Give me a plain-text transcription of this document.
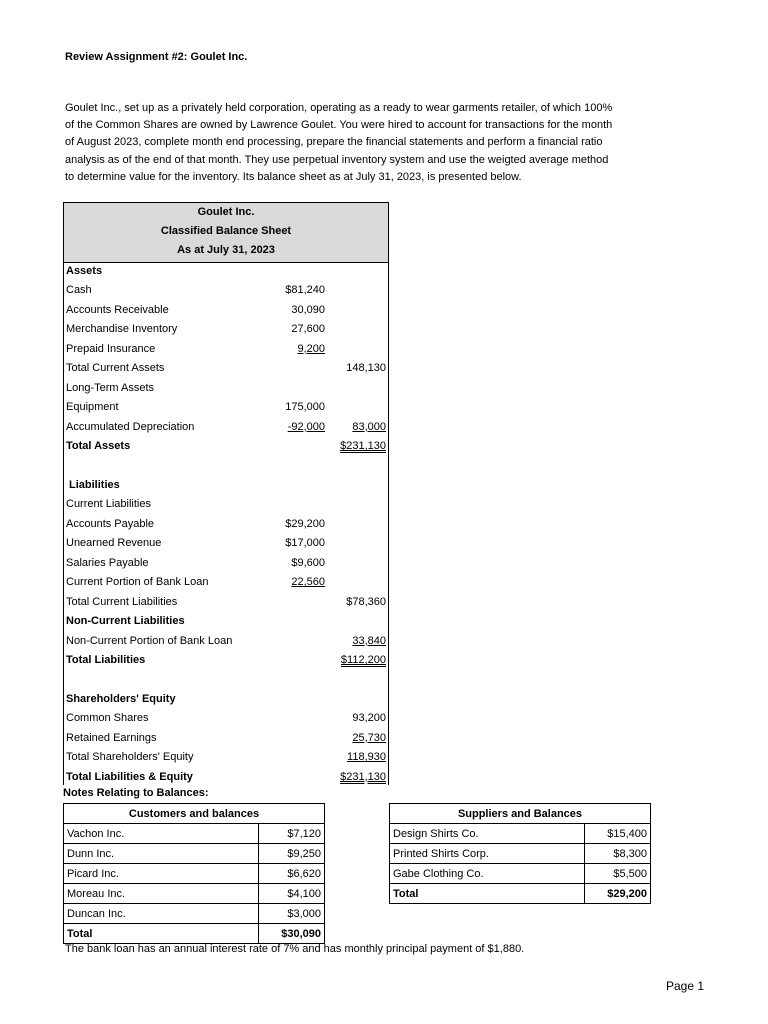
Review Assignment #2: Goulet Inc.
Goulet Inc., set up as a privately held corporation, operating as a ready to wear garments retailer, of which 100%
of the Common Shares are owned by Lawrence Goulet. You were hired to account for transactions for the month
of August 2023, complete month end processing, prepare the financial statements and perform a financial ratio
analysis as of the end of that month. They use perpetual inventory system and use the weigted average method
to determine value for the inventory. Its balance sheet as at July 31, 2023, is presented below.
Goulet Inc.
Classified Balance Sheet
As at July 31, 2023
Assets
Cash	$81,240
Accounts Receivable	30,090
Merchandise Inventory	27,600
Prepaid Insurance	9,200
Total Current Assets	148,130
Long-Term Assets
Equipment	175,000
Accumulated Depreciation	-92,000 83,000
Total Assets	$231,130
Liabilities
Current Liabilities
Accounts Payable	$29,200
Unearned Revenue	$17,000
Salaries Payable	$9,600
Current Portion of Bank Loan	22,560
Total Current Liabilities	$78,360
Non-Current Liabilities
Non-Current Portion of Bank Loan	33,840
Total Liabilities	$112,200
Shareholders' Equity
Common Shares	93,200
Retained Earnings	25,730
Total Shareholders' Equity	118,930
Total Liabilities & Equity	$231,130
Notes Relating to Balances:
Customers and balances	
Vachon Inc.	$7,120
Dunn Inc.	$9,250
Picard Inc.	$6,620
Moreau Inc.	$4,100
Duncan Inc.	$3,000
Total	$30,090
Suppliers and Balances	
Design Shirts Co.	$15,400
Printed Shirts Corp.	$8,300
Gabe Clothing Co.	$5,500
Total	$29,200
The bank loan has an annual interest rate of 7% and has monthly principal payment of $1,880.
Page 1
